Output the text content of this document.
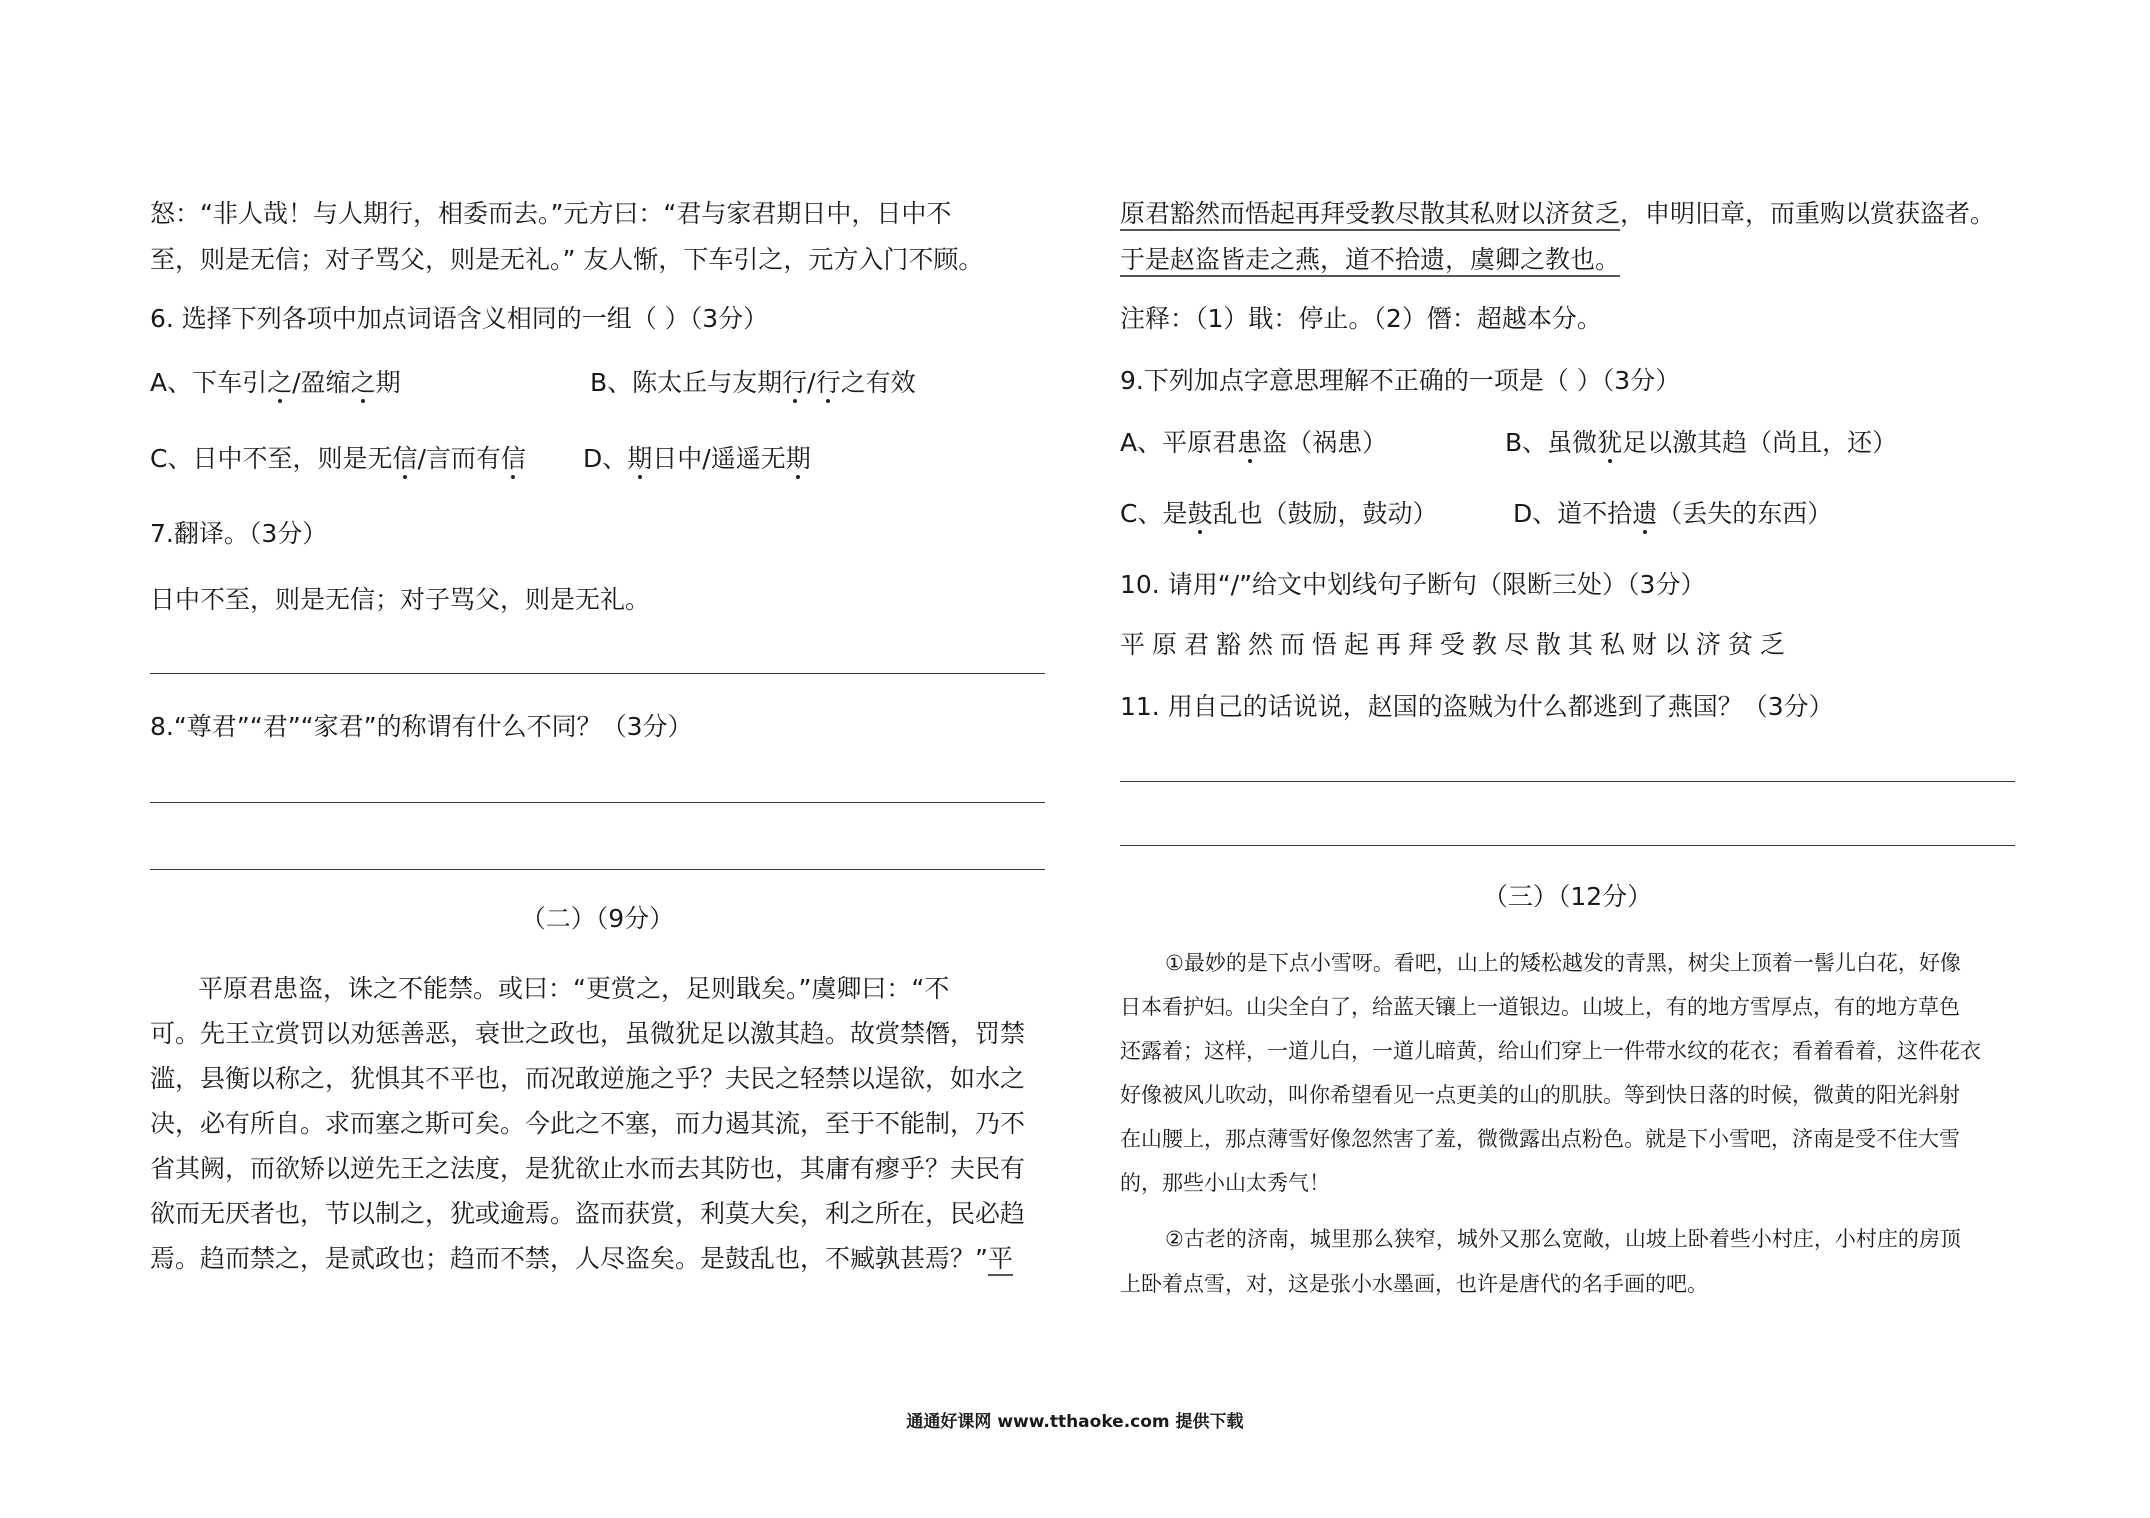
怒：“非人哉！与人期行，相委而去。”元方曰：“君与家君期日中，日中不
至，则是无信；对子骂父，则是无礼。” 友人惭，下车引之，元方入门不顾。
6. 选择下列各项中加点词语含义相同的一组（ ）（3分）
A、下车引之/盈缩之期	B、陈太丘与友期行/行之有效
C、日中不至，则是无信/言而有信 D、期日中/遥遥无期
7.翻译。（3分）
日中不至，则是无信；对子骂父，则是无礼。
8.“尊君”“君”“家君”的称谓有什么不同？（3分）
（二）（9分）
平原君患盗，诛之不能禁。或曰：“更赏之，足则戢矣。”虞卿曰：“不
可。先王立赏罚以劝惩善恶，衰世之政也，虽微犹足以激其趋。故赏禁僭，罚禁
滥，县衡以称之，犹惧其不平也，而况敢逆施之乎？夫民之轻禁以逞欲，如水之
决，必有所自。求而塞之斯可矣。今此之不塞，而力遏其流，至于不能制，乃不
省其阙，而欲矫以逆先王之法度，是犹欲止水而去其防也，其庸有瘳乎？夫民有
欲而无厌者也，节以制之，犹或逾焉。盗而获赏，利莫大矣，利之所在，民必趋
焉。趋而禁之，是贰政也；趋而不禁，人尽盗矣。是鼓乱也，不臧孰甚焉？”平
原君豁然而悟起再拜受教尽散其私财以济贫乏，申明旧章，而重购以赏获盗者。
于是赵盗皆走之燕，道不拾遗，虞卿之教也。
注释：（1）戢：停止。（2）僭：超越本分。
9.下列加点字意思理解不正确的一项是（ ）（3分）
A、平原君患盗（祸患）	B、虽微犹足以激其趋（尚且，还）
C、是鼓乱也（鼓励，鼓动）	D、道不拾遗（丢失的东西）
10. 请用“/”给文中划线句子断句（限断三处）（3分）
平原君豁然而悟起再拜受教尽散其私财以济贫乏
11. 用自己的话说说，赵国的盗贼为什么都逃到了燕国？（3分）
（三）（12分）
①最妙的是下点小雪呀。看吧，山上的矮松越发的青黑，树尖上顶着一髻儿白花，好像
日本看护妇。山尖全白了，给蓝天镶上一道银边。山坡上，有的地方雪厚点，有的地方草色
还露着；这样，一道儿白，一道儿暗黄，给山们穿上一件带水纹的花衣；看着看着，这件花衣
好像被风儿吹动，叫你希望看见一点更美的山的肌肤。等到快日落的时候，微黄的阳光斜射
在山腰上，那点薄雪好像忽然害了羞，微微露出点粉色。就是下小雪吧，济南是受不住大雪
的，那些小山太秀气！
②古老的济南，城里那么狭窄，城外又那么宽敞，山坡上卧着些小村庄，小村庄的房顶
上卧着点雪，对，这是张小水墨画，也许是唐代的名手画的吧。
通通好课网 www.tthaoke.com 提供下载
